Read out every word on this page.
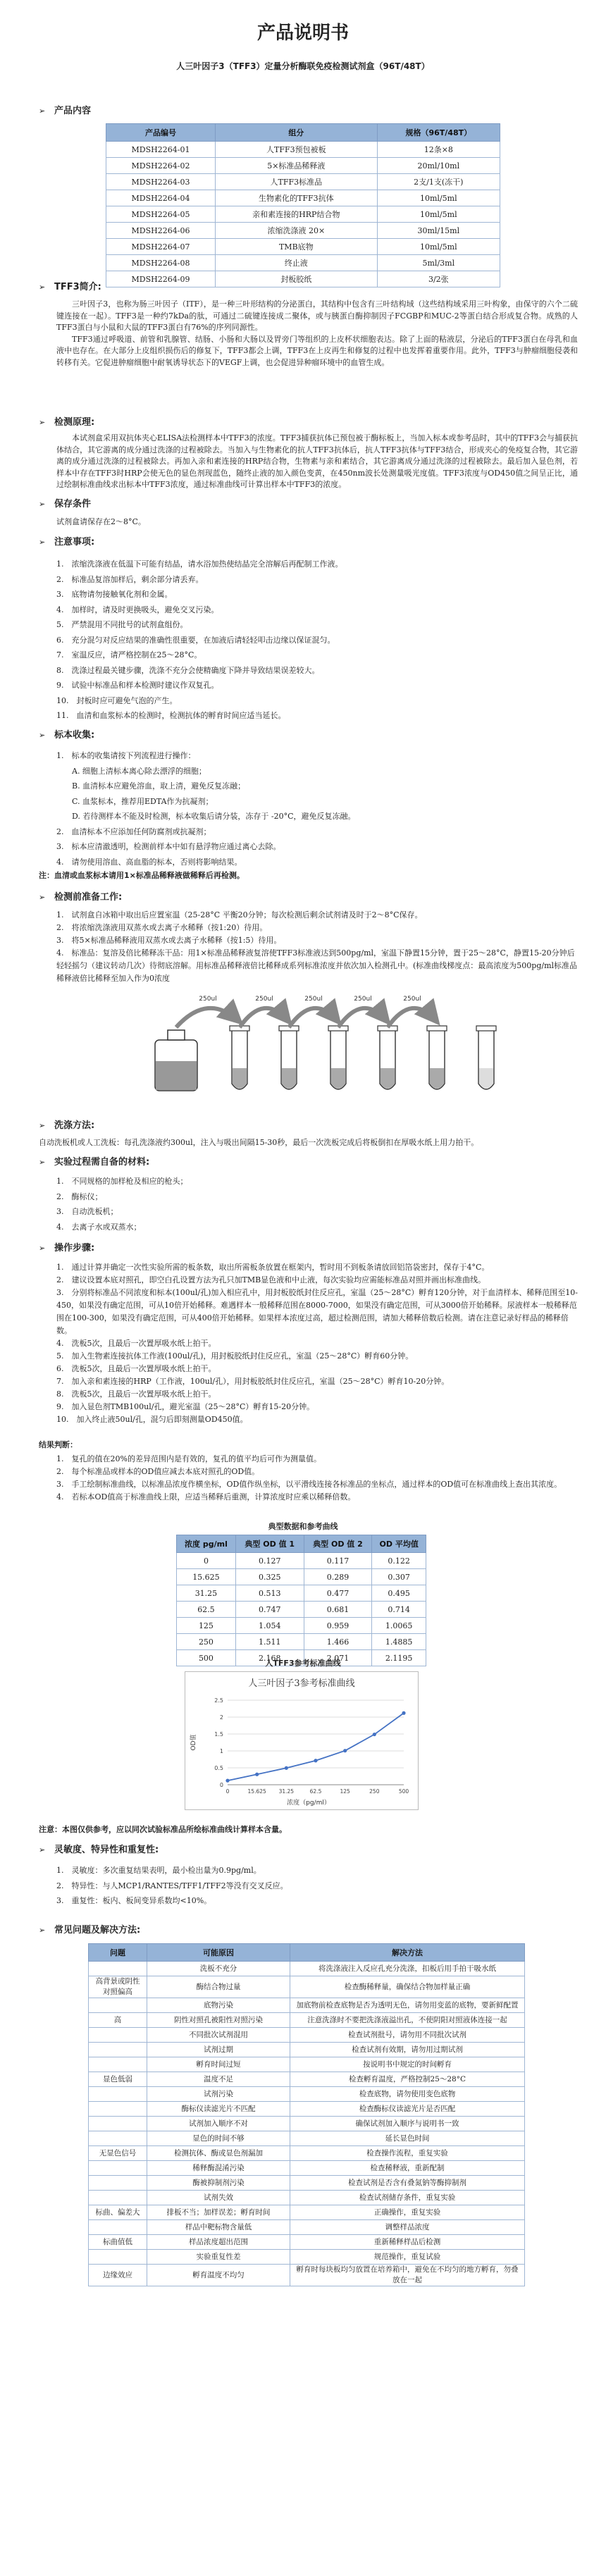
产品说明书
人三叶因子3（TFF3）定量分析酶联免疫检测试剂盒（96T/48T）
➢ 产品内容
产品编号	组分	规格（96T/48T）
MDSH2264-01	人TFF3预包被板	12条×8
MDSH2264-02	5×标准品稀释液	20ml/10ml
MDSH2264-03	人TFF3标准品	2支/1支(冻干)
MDSH2264-04	生物素化的TFF3抗体	10ml/5ml
MDSH2264-05	亲和素连接的HRP结合物	10ml/5ml
MDSH2264-06	浓缩洗涤液 20×	30ml/15ml
MDSH2264-07	TMB底物	10ml/5ml
MDSH2264-08	终止液	5ml/3ml
MDSH2264-09	封板胶纸	3/2张
➢ TFF3简介:

三叶因子3，也称为肠三叶因子（ITF），是一种三叶形结构的分泌蛋白，其结构中包含有三叶结构域（这些结构域采用三叶构象，由保守的六个二硫键连接在一起）。TFF3是一种约7kDa的肽，可通过二硫键连接成二聚体，或与胰蛋白酶抑制因子FCGBP和MUC-2等蛋白结合形成复合物。成熟的人TFF3蛋白与小鼠和大鼠的TFF3蛋白有76%的序列同源性。

TFF3通过呼吸道、前管和乳腺管、结肠、小肠和大肠以及胃旁门等组织的上皮杯状细胞表达。除了上面的粘液层，分泌后的TFF3蛋白在母乳和血液中也存在。在大部分上皮组织损伤后的修复下，TFF3都会上调，TFF3在上皮再生和修复的过程中也发挥着重要作用。此外，TFF3与肿瘤细胞侵袭和转移有关。它促进肿瘤细胞中耐氧诱导状态下的VEGF上调，也会促进异种瘤环境中的血管生成。

➢ 检测原理:

本试剂盒采用双抗体夹心ELISA法检测样本中TFF3的浓度。TFF3捕获抗体已预包被于酶标板上，当加入标本或参考品时，其中的TFF3会与捕获抗体结合，其它游离的成分通过洗涤的过程被除去。当加入与生物素化的抗人TFF3抗体后，抗人TFF3抗体与TFF3结合，形成夹心的免疫复合物，其它游离的成分通过洗涤的过程被除去。再加入亲和素连接的HRP结合物，生物素与亲和素结合，其它游离成分通过洗涤的过程被除去。最后加入显色剂，若样本中存在TFF3时HRP会使无色的显色剂现蓝色，随终止液的加入颜色变黄，在450nm波长处测量吸光度值。TFF3浓度与OD450值之间呈正比，通过绘制标准曲线求出标本中TFF3浓度，通过标准曲线可计算出样本中TFF3的浓度。

➢ 保存条件

试剂盒请保存在2～8°C。

➢ 注意事项:
1.　浓缩洗涤液在低温下可能有结晶，请水浴加热使结晶完全溶解后再配制工作液。
2.　标准品复溶加样后，剩余部分请丢弃。
3.　底物请勿接触氧化剂和金属。
4.　加样时，请及时更换吸头，避免交叉污染。
5.　严禁混用不同批号的试剂盒组份。
6.　充分混匀对反应结果的准确性很重要，在加液后请轻轻叩击边缘以保证混匀。
7.　室温反应，请严格控制在25～28°C。
8.　洗涤过程最关键步骤，洗涤不充分会使精确度下降并导致结果误差较大。
9.　试验中标准品和样本检测时建议作双复孔。
10.　封板时应可避免气泡的产生。
11.　血清和血浆标本的检测时，检测抗体的孵育时间应适当延长。
➢ 标本收集:
1.　标本的收集请按下列流程进行操作：
A. 细胞上清标本离心除去漂浮的细胞；
B. 血清标本应避免溶血，取上清，避免反复冻融；
C. 血浆标本，推荐用EDTA作为抗凝剂；
D. 若待测样本不能及时检测，标本收集后请分装，冻存于 -20°C，避免反复冻融。
2.　血清标本不应添加任何防腐剂或抗凝剂；
3.　标本应清澈透明，检测前样本中如有悬浮物应通过离心去除。
4.　请勿使用溶血、高血脂的标本，否则将影响结果。
注：血清或血浆标本请用1×标准品稀释液做稀释后再检测。
➢ 检测前准备工作:
1.　试剂盒自冰箱中取出后应置室温（25-28°C 平衡20分钟；每次检测后剩余试剂请及时于2～8°C保存。
2.　将浓缩洗涤液用双蒸水或去离子水稀释（按1:20）待用。
3.　将5×标准品稀释液用双蒸水或去离子水稀释（按1:5）待用。
4.　标准品：复溶及倍比稀释冻干品：用1×标准品稀释液复溶使TFF3标准液达到500pg/ml，室温下静置15分钟，置于25～28°C，静置15-20分钟后轻轻摇匀（建议转动几次）待彻底溶解。用标准品稀释液倍比稀释成系列标准浓度并依次加入检测孔中。(标准曲线梯度点：最高浓度为500pg/ml标准品稀释液倍比稀释至加入作为0浓度
250ul	250ul	250ul	250ul	250ul
➢ 洗涤方法:

自动洗板机或人工洗板：每孔洗涤液约300ul，注入与吸出间隔15-30秒，最后一次洗板完成后将板倒扣在厚吸水纸上用力拍干。

➢ 实验过程需自备的材料:
1.　不同规格的加样枪及相应的枪头；
2.　酶标仪；
3.　自动洗板机；
4.　去离子水或双蒸水；
➢ 操作步骤:
1.　通过计算并确定一次性实验所需的板条数，取出所需板条放置在框架内，暂时用不到板条请放回铝箔袋密封，保存于4°C。
2.　建议设置本底对照孔，即空白孔设置方法为孔只加TMB显色液和中止液，每次实验均应需能标准品对照并画出标准曲线。
3.　分别将标准品不同浓度和标本(100ul/孔)加入相应孔中，用封板胶纸封住反应孔，室温（25～28°C）孵育120分钟，对于血清样本、稀释范围至10-450，如果没有确定范围，可从10倍开始稀释。难遇样本一般稀释范围在8000-7000，如果没有确定范围，可从3000倍开始稀释。尿液样本一般稀释范围在100-300，如果没有确定范围，可从400倍开始稀释。如果样本浓度过高，超过检测范围，请加大稀释倍数后检测。请在注意记录好样品的稀释倍数。
4.　洗板5次，且最后一次置厚吸水纸上拍干。
5.　加入生物素连接抗体工作液(100ul/孔)，用封板胶纸封住反应孔，室温（25～28°C）孵育60分钟。
6.　洗板5次，且最后一次置厚吸水纸上拍干。
7.　加入亲和素连接的HRP（工作液，100ul/孔），用封板胶纸封住反应孔，室温（25～28°C）孵育10-20分钟。
8.　洗板5次，且最后一次置厚吸水纸上拍干。
9.　加入显色剂TMB100ul/孔，避光室温（25～28°C）孵育15-20分钟。
10.　加入终止液50ul/孔，混匀后即刻测量OD450值。
结果判断：
1.　复孔的值在20%的差异范围内是有效的，复孔的值平均后可作为测量值。
2.　每个标准品或样本的OD值应减去本底对照孔的OD值。
3.　手工绘制标准曲线，以标准品浓度作横坐标，OD值作纵坐标，以平滑线连接各标准品的坐标点，通过样本的OD值可在标准曲线上查出其浓度。
4.　若标本OD值高于标准曲线上限，应适当稀释后重测，计算浓度时应乘以稀释倍数。
典型数据和参考曲线
浓度 pg/ml	典型 OD 值 1	典型 OD 值 2	OD 平均值
0	0.127	0.117	0.122
15.625	0.325	0.289	0.307
31.25	0.513	0.477	0.495
62.5	0.747	0.681	0.714
125	1.054	0.959	1.0065
250	1.511	1.466	1.4885
500	2.168	2.071	2.1195
人TFF3参考标准曲线
人三叶因子3参考标准曲线
OD值
浓度（pg/ml）
0
0.5
1
1.5
2
2.5
0	15.625 31.25	62.5	125	250	500
注意：本图仅供参考，应以同次试验标准品所绘标准曲线计算样本含量。
➢ 灵敏度、特异性和重复性:
1.　灵敏度：多次重复结果表明，最小检出量为0.9pg/ml。
2.　特异性：与人MCP1/RANTES/TFF1/TFF2等没有交叉反应。
3.　重复性：板内、板间变异系数均<10%。
➢ 常见问题及解决方法:
问题	可能原因	解决方法
	洗板不充分	将洗涤液注入反应孔充分洗涤，扣板后用手拍干吸水纸
高背景或阴性对照偏高	酶结合物过量	检查酶稀释量，确保结合物加样量正确
	底物污染	加底物前检查底物是否为透明无色，请勿用变蓝的底物，要新鲜配置
高	阴性对照孔被阳性对照污染	注意洗涤时不要把洗涤液溢出孔，不使阴阳对照液体连接一起
	不同批次试剂混用	检查试剂批号，请勿用不同批次试剂
	试剂过期	检查试剂有效期，请勿用过期试剂
	孵育时间过短	按说明书中规定的时间孵育
显色低弱	温度不足	检查孵育温度，严格控制25～28°C
	试剂污染	检查底物，请勿使用变色底物
	酶标仪读滤光片不匹配	检查酶标仪读滤光片是否匹配
	试剂加入顺序不对	确保试剂加入顺序与说明书一致
	显色的时间不够	延长显色时间
无显色信号	检测抗体、酶或显色剂漏加	检查操作流程，重复实验
	稀释酶混淆污染	检查稀释液，重新配制
	酶被抑制剂污染	检查试剂是否含有叠氮钠等酶抑制剂
	试剂失效	检查试剂储存条件，重复实验
标曲、偏差大	排板不当；加样误差；孵育时间	正确操作，重复实验
	样品中靶标物含量低	调整样品浓度
标曲值低	样品浓度超出范围	重新稀释样品后检测
	实验重复性差	规范操作，重复试验
边缘效应	孵育温度不均匀	孵育时每块板均匀放置在培养箱中，避免在不均匀的地方孵育，勿叠放在一起
